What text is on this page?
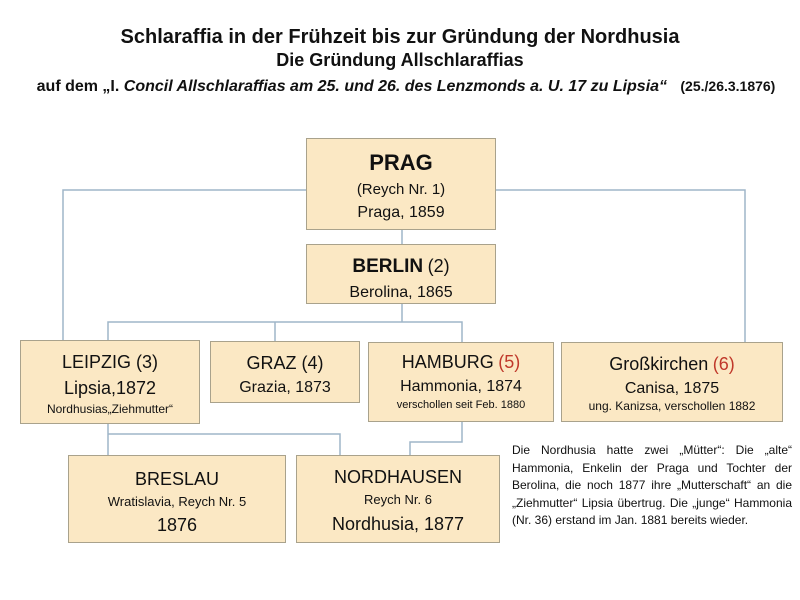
Schlaraffia in der Frühzeit bis zur Gründung der Nordhusia
Die Gründung Allschlaraffias
auf dem „I. Concil Allschlaraffias am 25. und 26. des Lenzmonds a. U. 17 zu Lipsia“ (25./26.3.1876)
PRAG
(Reych Nr. 1)
Praga, 1859
BERLIN (2)
Berolina, 1865
LEIPZIG (3)
Lipsia,1872
Nordhusias„Ziehmutter“
GRAZ (4)
Grazia, 1873
HAMBURG (5)
Hammonia, 1874
verschollen seit Feb. 1880
Großkirchen (6)
Canisa, 1875
ung. Kanizsa, verschollen 1882
BRESLAU
Wratislavia, Reych Nr. 5
1876
NORDHAUSEN
Reych Nr. 6
Nordhusia, 1877
Die Nordhusia hatte zwei „Mütter“: Die „alte“ Hammonia, Enkelin der Praga und Tochter der Berolina, die noch 1877 ihre „Mutterschaft“ an die „Ziehmutter“ Lipsia übertrug. Die „junge“ Hammonia (Nr. 36) erstand im Jan. 1881 bereits wieder.
